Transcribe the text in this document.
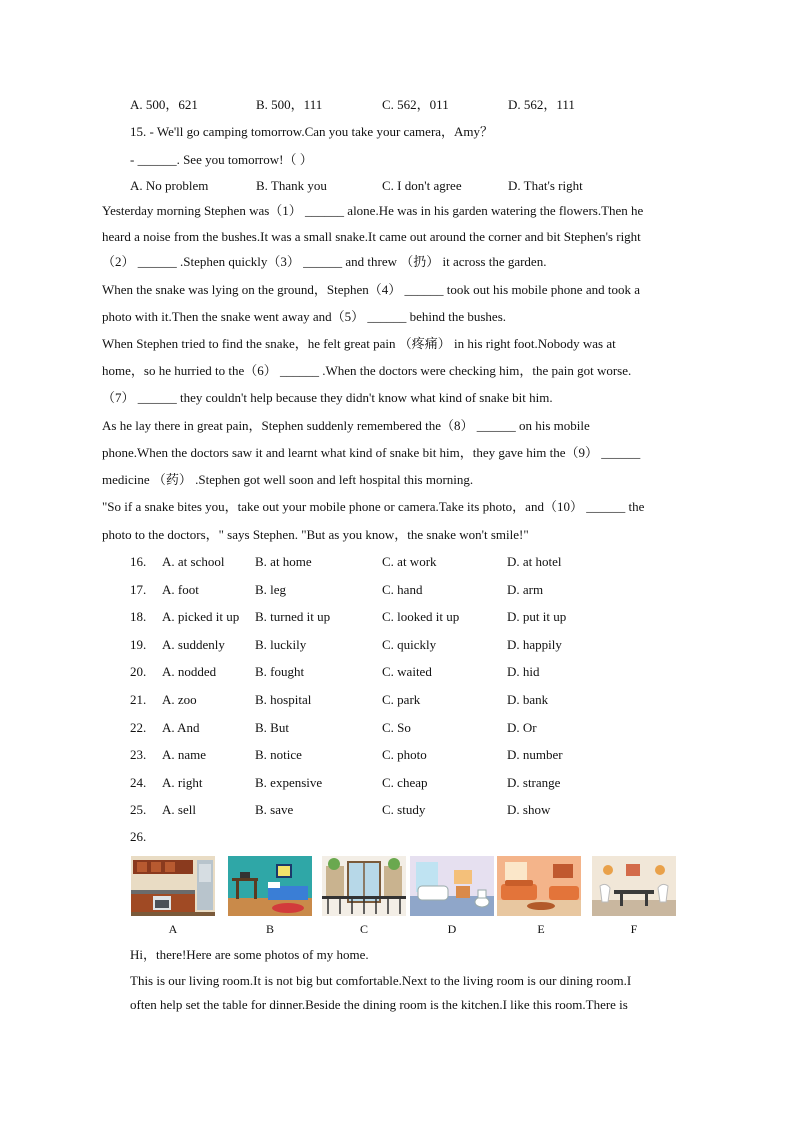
A. 500，621	B. 500，111	C. 562，011	D. 562，111
15. - We'll go camping tomorrow.Can you take your camera，Amy？
- ______. See you tomorrow!（ ）
A. No problem	B. Thank you	C. I don't agree	D. That's right
Yesterday morning Stephen was（1） ______ alone.He was in his garden watering the flowers.Then he
heard a noise from the bushes.It was a small snake.It came out around the corner and bit Stephen's right
（2） ______ .Stephen quickly（3） ______ and threw （扔） it across the garden.
When the snake was lying on the ground，Stephen（4） ______ took out his mobile phone and took a
photo with it.Then the snake went away and（5） ______ behind the bushes.
When Stephen tried to find the snake，he felt great pain （疼痛） in his right foot.Nobody was at
home，so he hurried to the（6） ______ .When the doctors were checking him，the pain got worse.
（7） ______ they couldn't help because they didn't know what kind of snake bit him.
As he lay there in great pain，Stephen suddenly remembered the（8） ______ on his mobile
phone.When the doctors saw it and learnt what kind of snake bit him，they gave him the（9） ______
medicine （药） .Stephen got well soon and left hospital this morning.
"So if a snake bites you，take out your mobile phone or camera.Take its photo，and（10） ______ the
photo to the doctors，" says Stephen. "But as you know，the snake won't smile!"
16. A. at school B. at home	C. at work	D. at hotel
17. A. foot	B. leg	C. hand	D. arm
18. A. picked it up B. turned it up	C. looked it up	D. put it up
19. A. suddenly B. luckily	C. quickly	D. happily
20. A. nodded	B. fought	C. waited	D. hid
21. A. zoo	B. hospital	C. park	D. bank
22. A. And	B. But	C. So	D. Or
23. A. name	B. notice	C. photo	D. number
24. A. right	B. expensive	C. cheap	D. strange
25. A. sell	B. save	C. study	D. show
26.
A	B	C	D	E	F
Hi，there!Here are some photos of my home.
This is our living room.It is not big but comfortable.Next to the living room is our dining room.I
often help set the table for dinner.Beside the dining room is the kitchen.I like this room.There is
